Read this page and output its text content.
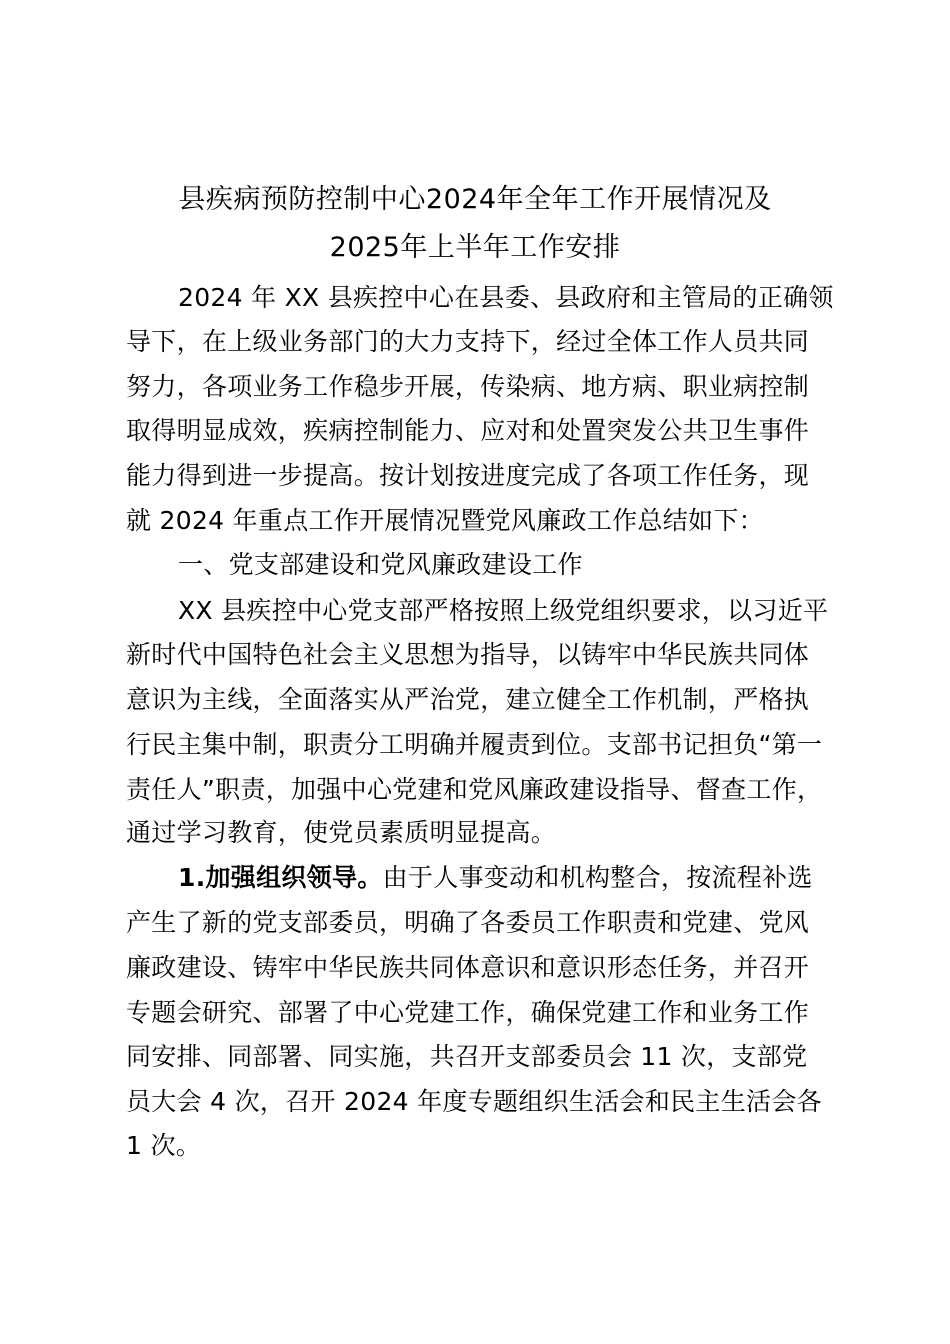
县疾病预防控制中心2024年全年工作开展情况及
2025年上半年工作安排
2024 年 XX 县疾控中心在县委、县政府和主管局的正确领
导下，在上级业务部门的大力支持下，经过全体工作人员共同
努力，各项业务工作稳步开展，传染病、地方病、职业病控制
取得明显成效，疾病控制能力、应对和处置突发公共卫生事件
能力得到进一步提高。按计划按进度完成了各项工作任务，现
就 2024 年重点工作开展情况暨党风廉政工作总结如下：
一、党支部建设和党风廉政建设工作
XX 县疾控中心党支部严格按照上级党组织要求，以习近平
新时代中国特色社会主义思想为指导，以铸牢中华民族共同体
意识为主线，全面落实从严治党，建立健全工作机制，严格执
行民主集中制，职责分工明确并履责到位。支部书记担负“第一
责任人”职责，加强中心党建和党风廉政建设指导、督查工作，
通过学习教育，使党员素质明显提高。
1.加强组织领导。由于人事变动和机构整合，按流程补选
产生了新的党支部委员，明确了各委员工作职责和党建、党风
廉政建设、铸牢中华民族共同体意识和意识形态任务，并召开
专题会研究、部署了中心党建工作，确保党建工作和业务工作
同安排、同部署、同实施，共召开支部委员会 11 次，支部党
员大会 4 次，召开 2024 年度专题组织生活会和民主生活会各
1 次。
